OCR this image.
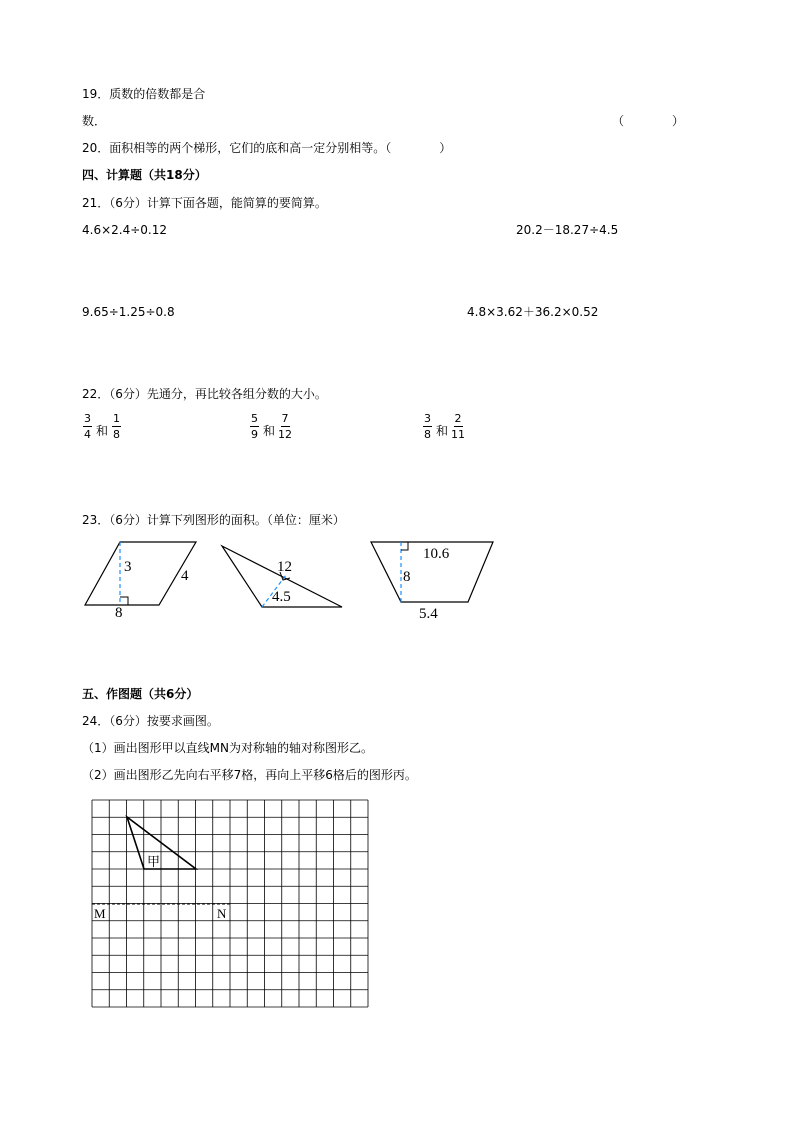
19．质数的倍数都是合
数．	（　　　　）
20．面积相等的两个梯形，它们的底和高一定分别相等。（　　　　）
四、计算题（共18分）
21．（6分）计算下面各题，能简算的要简算。
4.6×2.4÷0.12	20.2－18.27÷4.5
9.65÷1.25÷0.8	4.8×3.62＋36.2×0.52
22．（6分）先通分，再比较各组分数的大小。
$\frac{3}{4}$ 和 $\frac{1}{8}$	$\frac{5}{9}$ 和 $\frac{7}{12}$	$\frac{3}{8}$ 和 $\frac{2}{11}$
23．（6分）计算下列图形的面积。（单位：厘米）
3
4
8
12
4.5
10.6
8
5.4
五、作图题（共6分）
24．（6分）按要求画图。
（1）画出图形甲以直线MN为对称轴的轴对称图形乙。
（2）画出图形乙先向右平移7格，再向上平移6格后的图形丙。
甲
M	N
